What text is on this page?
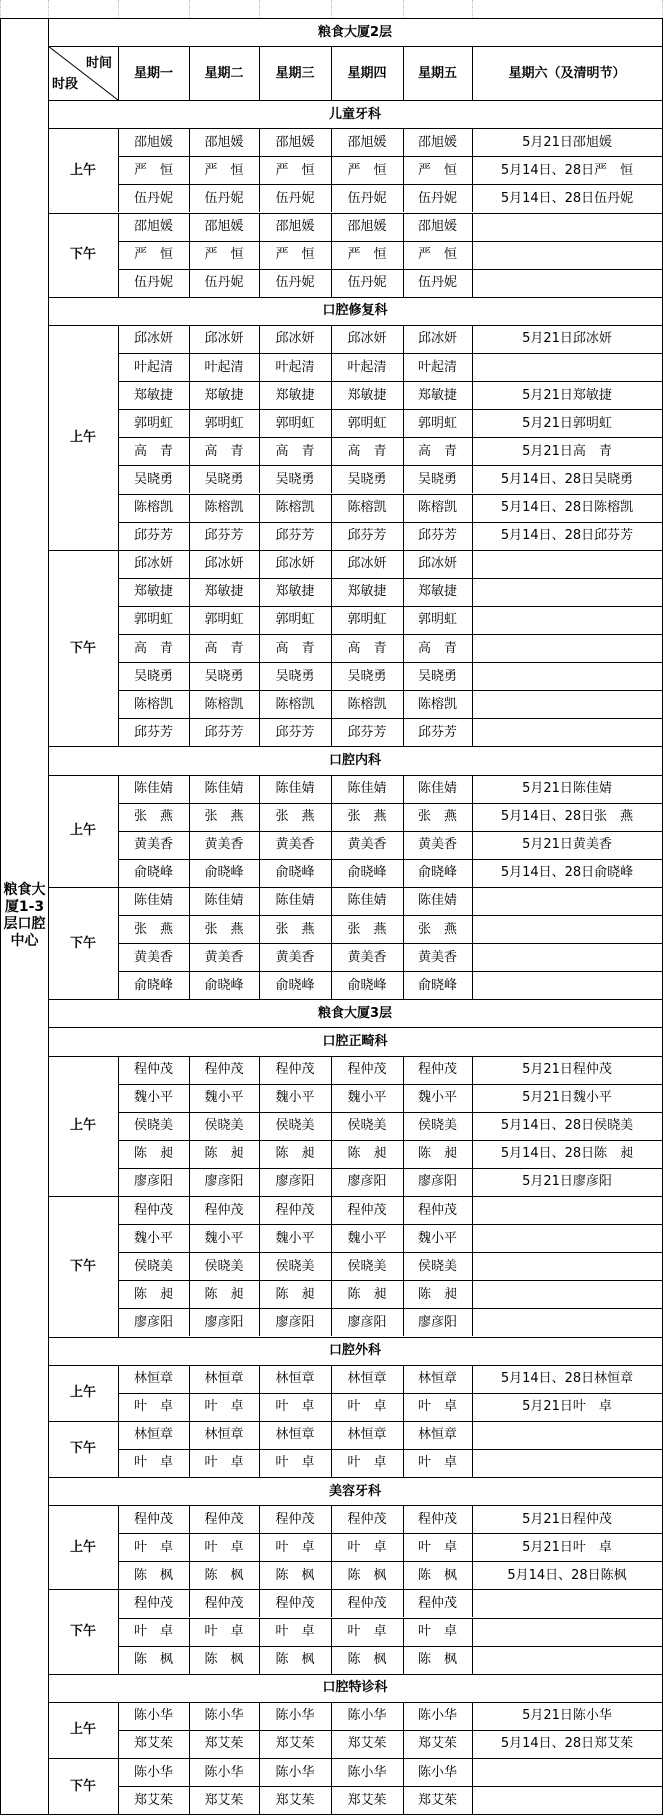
粮食大厦2层
时间
时段
星期一	星期二	星期三	星期四	星期五	星期六（及清明节）
儿童牙科
上午
邵旭媛	邵旭媛	邵旭媛	邵旭媛	邵旭媛	5月21日邵旭媛
严　恒	严　恒	严　恒	严　恒	严　恒	5月14日、28日严　恒
伍丹妮	伍丹妮	伍丹妮	伍丹妮	伍丹妮	5月14日、28日伍丹妮
下午
邵旭媛	邵旭媛	邵旭媛	邵旭媛	邵旭媛
严　恒	严　恒	严　恒	严　恒	严　恒
伍丹妮	伍丹妮	伍丹妮	伍丹妮	伍丹妮
口腔修复科
上午
邱冰妍	邱冰妍	邱冰妍	邱冰妍	邱冰妍	5月21日邱冰妍
叶起清	叶起清	叶起清	叶起清	叶起清
郑敏捷	郑敏捷	郑敏捷	郑敏捷	郑敏捷	5月21日郑敏捷
郭明虹	郭明虹	郭明虹	郭明虹	郭明虹	5月21日郭明虹
高　青	高　青	高　青	高　青	高　青	5月21日高　青
吴晓勇	吴晓勇	吴晓勇	吴晓勇	吴晓勇	5月14日、28日吴晓勇
陈榕凯	陈榕凯	陈榕凯	陈榕凯	陈榕凯	5月14日、28日陈榕凯
邱芬芳	邱芬芳	邱芬芳	邱芬芳	邱芬芳	5月14日、28日邱芬芳
下午
邱冰妍	邱冰妍	邱冰妍	邱冰妍	邱冰妍
郑敏捷	郑敏捷	郑敏捷	郑敏捷	郑敏捷
郭明虹	郭明虹	郭明虹	郭明虹	郭明虹
高　青	高　青	高　青	高　青	高　青
吴晓勇	吴晓勇	吴晓勇	吴晓勇	吴晓勇
陈榕凯	陈榕凯	陈榕凯	陈榕凯	陈榕凯
邱芬芳	邱芬芳	邱芬芳	邱芬芳	邱芬芳
口腔内科
上午
陈佳婧	陈佳婧	陈佳婧	陈佳婧	陈佳婧	5月21日陈佳婧
张　燕	张　燕	张　燕	张　燕	张　燕	5月14日、28日张　燕
黄美香	黄美香	黄美香	黄美香	黄美香	5月21日黄美香
俞晓峰	俞晓峰	俞晓峰	俞晓峰	俞晓峰	5月14日、28日俞晓峰
下午
陈佳婧	陈佳婧	陈佳婧	陈佳婧	陈佳婧
张　燕	张　燕	张　燕	张　燕	张　燕
黄美香	黄美香	黄美香	黄美香	黄美香
俞晓峰	俞晓峰	俞晓峰	俞晓峰	俞晓峰
粮食大厦3层
口腔正畸科
上午
程仲茂	程仲茂	程仲茂	程仲茂	程仲茂	5月21日程仲茂
魏小平	魏小平	魏小平	魏小平	魏小平	5月21日魏小平
侯晓美	侯晓美	侯晓美	侯晓美	侯晓美	5月14日、28日侯晓美
陈　昶	陈　昶	陈　昶	陈　昶	陈　昶	5月14日、28日陈　昶
廖彦阳	廖彦阳	廖彦阳	廖彦阳	廖彦阳	5月21日廖彦阳
下午
程仲茂	程仲茂	程仲茂	程仲茂	程仲茂
魏小平	魏小平	魏小平	魏小平	魏小平
侯晓美	侯晓美	侯晓美	侯晓美	侯晓美
陈　昶	陈　昶	陈　昶	陈　昶	陈　昶
廖彦阳	廖彦阳	廖彦阳	廖彦阳	廖彦阳
口腔外科
上午
林恒章	林恒章	林恒章	林恒章	林恒章	5月14日、28日林恒章
叶　卓	叶　卓	叶　卓	叶　卓	叶　卓	5月21日叶　卓
下午
林恒章	林恒章	林恒章	林恒章	林恒章
叶　卓	叶　卓	叶　卓	叶　卓	叶　卓
美容牙科
上午
程仲茂	程仲茂	程仲茂	程仲茂	程仲茂	5月21日程仲茂
叶　卓	叶　卓	叶　卓	叶　卓	叶　卓	5月21日叶　卓
陈　枫	陈　枫	陈　枫	陈　枫	陈　枫	5月14日、28日陈枫
下午
程仲茂	程仲茂	程仲茂	程仲茂	程仲茂
叶　卓	叶　卓	叶　卓	叶　卓	叶　卓
陈　枫	陈　枫	陈　枫	陈　枫	陈　枫
口腔特诊科
上午
陈小华	陈小华	陈小华	陈小华	陈小华	5月21日陈小华
郑艾茱	郑艾茱	郑艾茱	郑艾茱	郑艾茱	5月14日、28日郑艾茱
下午
陈小华	陈小华	陈小华	陈小华	陈小华
郑艾茱	郑艾茱	郑艾茱	郑艾茱	郑艾茱
粮食大厦1-3层口腔中心
